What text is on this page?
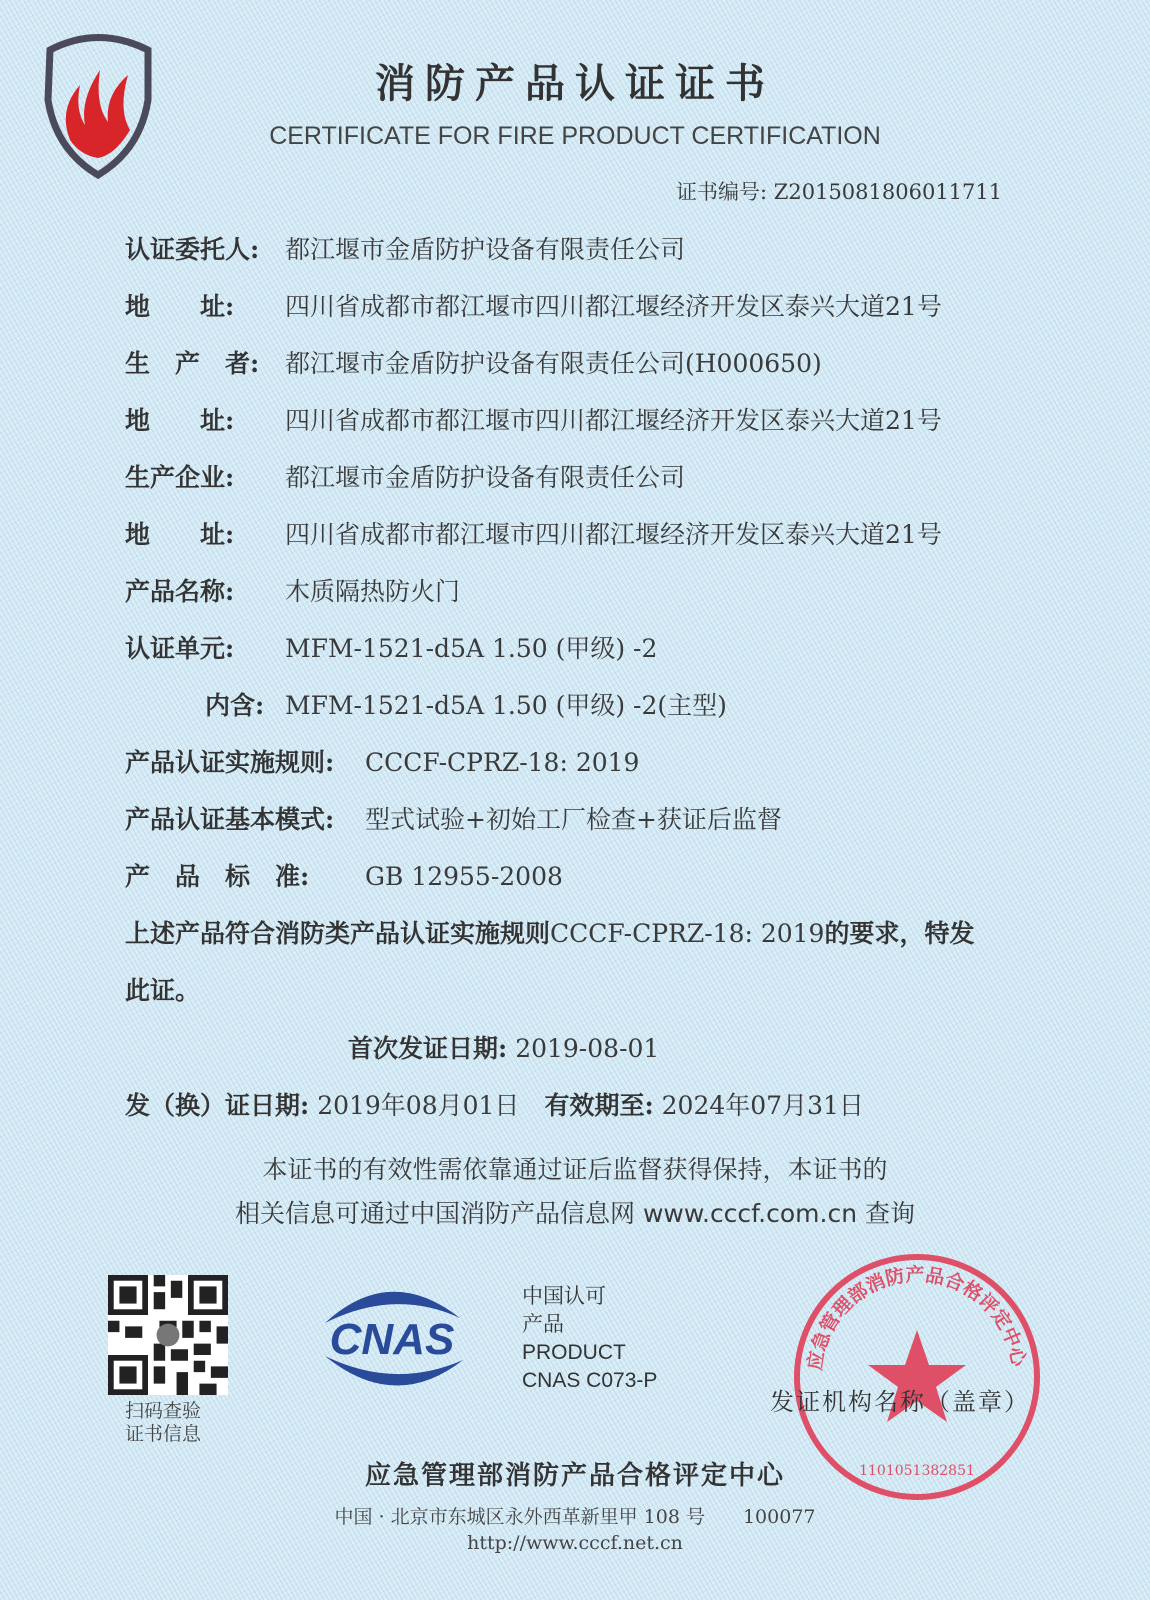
消防产品认证证书
CERTIFICATE FOR FIRE PRODUCT CERTIFICATION
证书编号: Z2015081806011711
认证委托人: 都江堰市金盾防护设备有限责任公司
地　　址: 四川省成都市都江堰市四川都江堰经济开发区泰兴大道21号
生　产　者: 都江堰市金盾防护设备有限责任公司(H000650)
地　　址: 四川省成都市都江堰市四川都江堰经济开发区泰兴大道21号
生产企业: 都江堰市金盾防护设备有限责任公司
地　　址: 四川省成都市都江堰市四川都江堰经济开发区泰兴大道21号
产品名称: 木质隔热防火门
认证单元: MFM-1521-d5A 1.50 (甲级) -2
内含: MFM-1521-d5A 1.50 (甲级) -2(主型)
产品认证实施规则: CCCF-CPRZ-18: 2019
产品认证基本模式: 型式试验+初始工厂检查+获证后监督
产　品　标　准: GB 12955-2008
上述产品符合消防类产品认证实施规则CCCF-CPRZ-18: 2019的要求，特发
此证。
首次发证日期: 2019-08-01
发（换）证日期: 2019年08月01日　 有效期至: 2024年07月31日
本证书的有效性需依靠通过证后监督获得保持，本证书的
相关信息可通过中国消防产品信息网 www.cccf.com.cn 查询
扫码查验
证书信息
CNAS
中国认可
产品
PRODUCT
CNAS C073-P
应急管理部消防产品合格评定中心
1101051382851
发证机构名称（盖章）
应急管理部消防产品合格评定中心
中国 · 北京市东城区永外西革新里甲 108 号　　100077
http://www.cccf.net.cn
